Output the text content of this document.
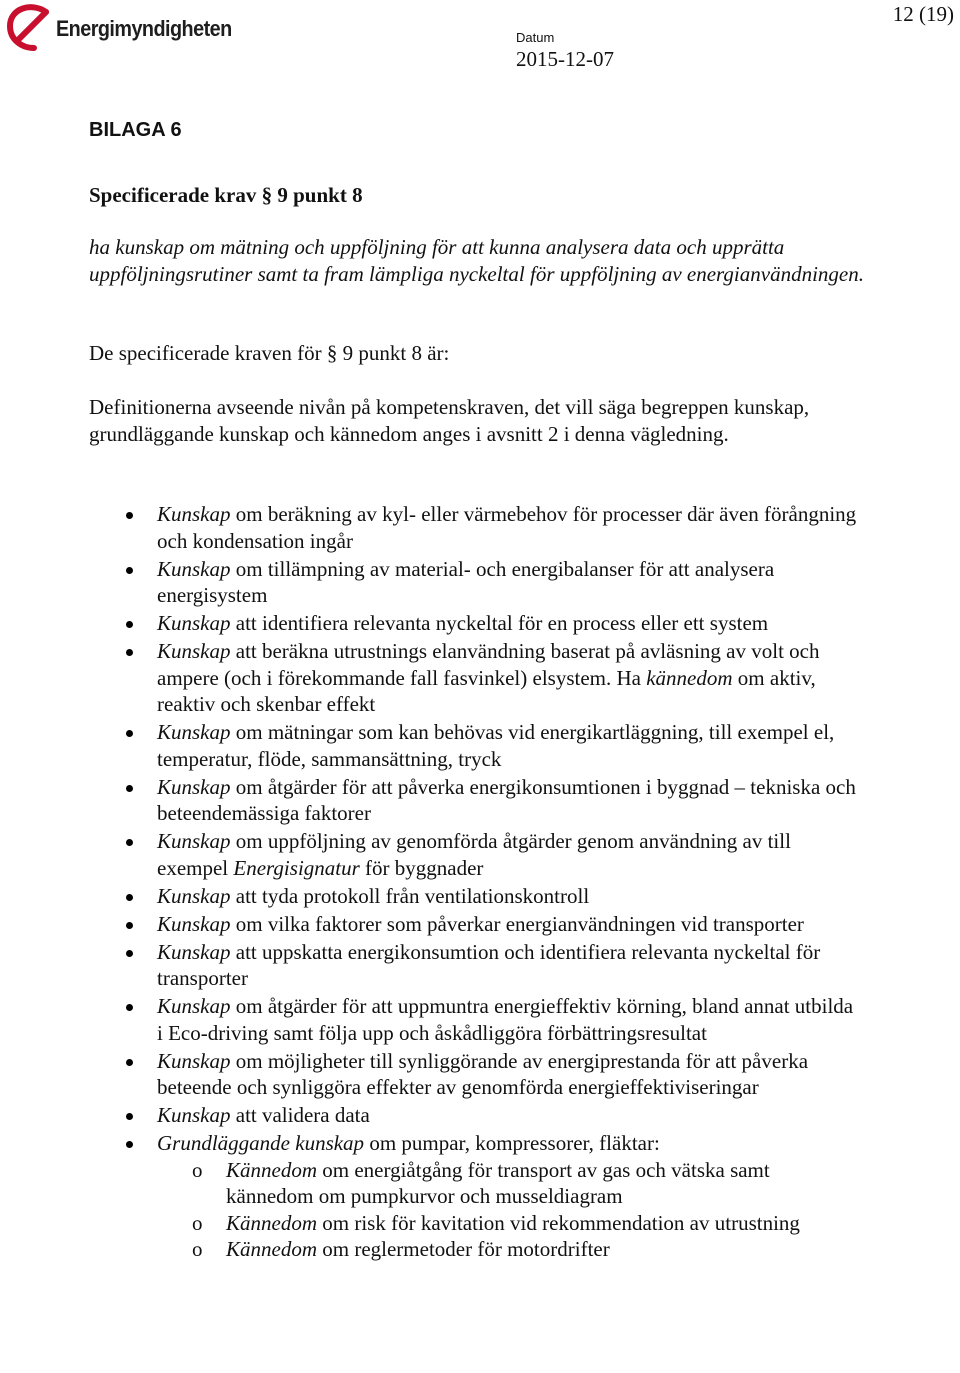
Energimyndigheten	Datum
2015-12-07
12 (19)
BILAGA 6
Specificerade krav § 9 punkt 8
ha kunskap om mätning och uppföljning för att kunna analysera data och upprätta uppföljningsrutiner samt ta fram lämpliga nyckeltal för uppföljning av energianvändningen.
De specificerade kraven för § 9 punkt 8 är:
Definitionerna avseende nivån på kompetenskraven, det vill säga begreppen kunskap, grundläggande kunskap och kännedom anges i avsnitt 2 i denna vägledning.
Kunskap om beräkning av kyl- eller värmebehov för processer där även förångning och kondensation ingår
Kunskap om tillämpning av material- och energibalanser för att analysera energisystem
Kunskap att identifiera relevanta nyckeltal för en process eller ett system
Kunskap att beräkna utrustnings elanvändning baserat på avläsning av volt och ampere (och i förekommande fall fasvinkel) elsystem. Ha kännedom om aktiv, reaktiv och skenbar effekt
Kunskap om mätningar som kan behövas vid energikartläggning, till exempel el, temperatur, flöde, sammansättning, tryck
Kunskap om åtgärder för att påverka energikonsumtionen i byggnad – tekniska och beteendemässiga faktorer
Kunskap om uppföljning av genomförda åtgärder genom användning av till exempel Energisignatur för byggnader
Kunskap att tyda protokoll från ventilationskontroll
Kunskap om vilka faktorer som påverkar energianvändningen vid transporter
Kunskap att uppskatta energikonsumtion och identifiera relevanta nyckeltal för transporter
Kunskap om åtgärder för att uppmuntra energieffektiv körning, bland annat utbilda i Eco-driving samt följa upp och åskådliggöra förbättringsresultat
Kunskap om möjligheter till synliggörande av energiprestanda för att påverka beteende och synliggöra effekter av genomförda energieffektiviseringar
Kunskap att validera data
Grundläggande kunskap om pumpar, kompressorer, fläktar:
o Kännedom om energiåtgång för transport av gas och vätska samt kännedom om pumpkurvor och musseldiagram
o Kännedom om risk för kavitation vid rekommendation av utrustning
o Kännedom om reglermetoder för motordrifter
